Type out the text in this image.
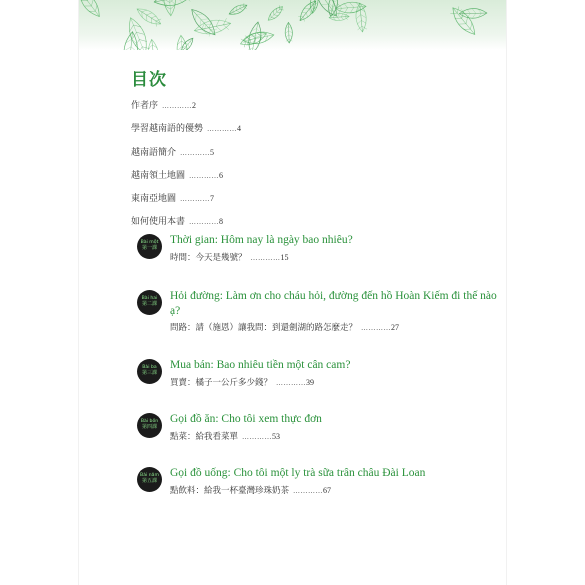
目次
作者序 ………… 2
學習越南語的優勢 ………… 4
越南語簡介 ………… 5
越南領土地圖 ………… 6
東南亞地圖 ………… 7
如何使用本書 ………… 8
Bài một
第一課
Thời gian: Hôm nay là ngày bao nhiêu?
時間：今天是幾號？ ………… 15
Bài hai
第二課
Hỏi đường: Làm ơn cho cháu hỏi, đường đến hồ Hoàn Kiếm đi thế nào ạ?
問路：請（施恩）讓我問：到還劍湖的路怎麼走？ ………… 27
Bài ba
第三課
Mua bán: Bao nhiêu tiền một cân cam?
買賣：橘子一公斤多少錢？ ………… 39
Bài bốn
第四課
Gọi đồ ăn: Cho tôi xem thực đơn
點菜：給我看菜單 ………… 53
Bài năm
第五課
Gọi đồ uống: Cho tôi một ly trà sữa trân châu Đài Loan
點飲料：給我一杯臺灣珍珠奶茶 ………… 67
